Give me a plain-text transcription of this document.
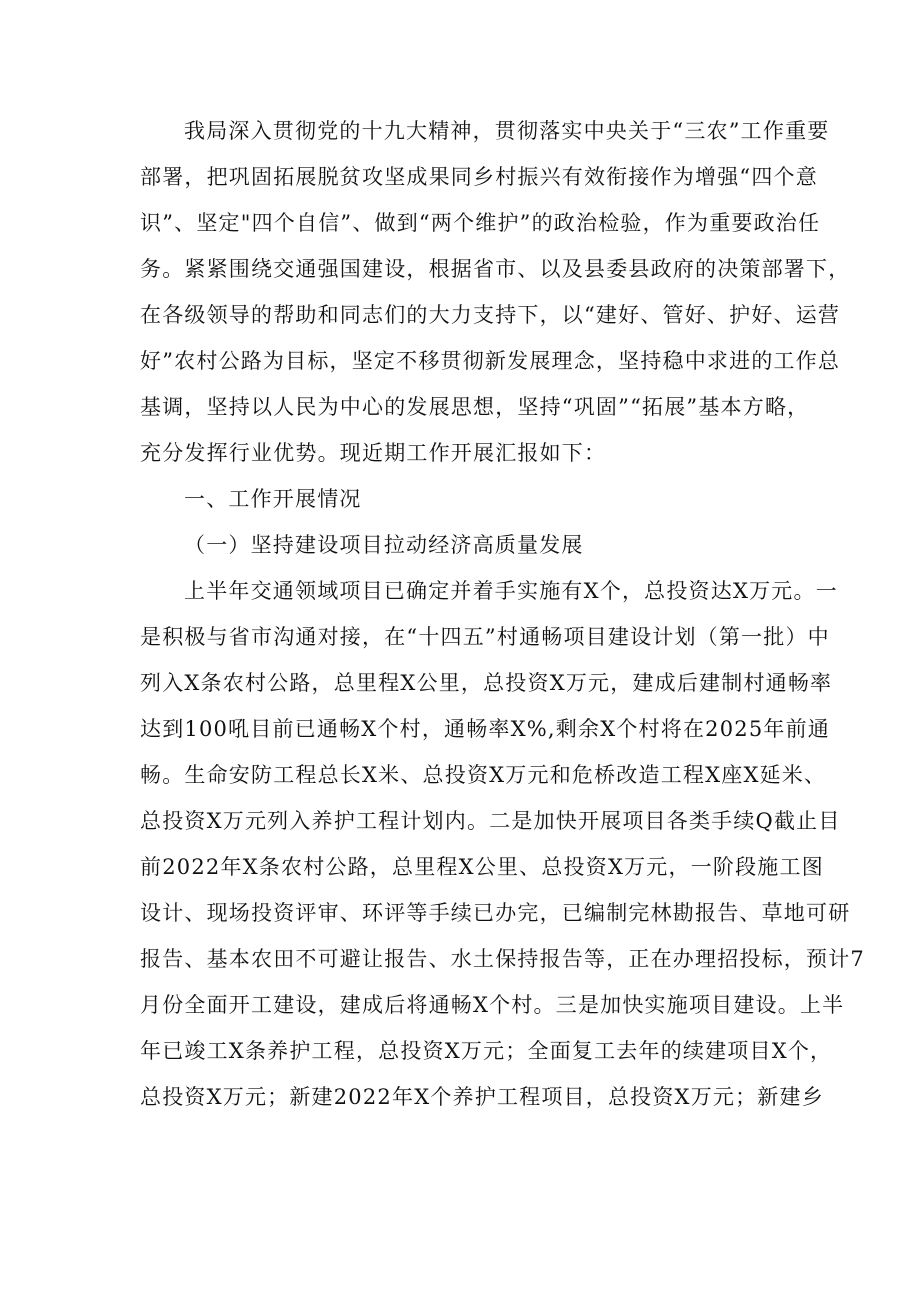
我局深入贯彻党的十九大精神，贯彻落实中央关于“三农”工作重要
部署，把巩固拓展脱贫攻坚成果同乡村振兴有效衔接作为增强“四个意
识”、坚定"四个自信”、做到“两个维护”的政治检验，作为重要政治任
务。紧紧围绕交通强国建设，根据省市、以及县委县政府的决策部署下，
在各级领导的帮助和同志们的大力支持下，以“建好、管好、护好、运营
好”农村公路为目标，坚定不移贯彻新发展理念，坚持稳中求进的工作总
基调，坚持以人民为中心的发展思想，坚持“巩固”“拓展”基本方略，
充分发挥行业优势。现近期工作开展汇报如下：
一、工作开展情况
（一）坚持建设项目拉动经济高质量发展
上半年交通领域项目已确定并着手实施有X个，总投资达X万元。一
是积极与省市沟通对接，在“十四五”村通畅项目建设计划（第一批）中
列入X条农村公路，总里程X公里，总投资X万元，建成后建制村通畅率
达到100吼目前已通畅X个村，通畅率X%,剩余X个村将在2025年前通
畅。生命安防工程总长X米、总投资X万元和危桥改造工程X座X延米、
总投资X万元列入养护工程计划内。二是加快开展项目各类手续Q截止目
前2022年X条农村公路，总里程X公里、总投资X万元，一阶段施工图
设计、现场投资评审、环评等手续已办完，已编制完林勘报告、草地可研
报告、基本农田不可避让报告、水土保持报告等，正在办理招投标，预计7
月份全面开工建设，建成后将通畅X个村。三是加快实施项目建设。上半
年已竣工X条养护工程，总投资X万元；全面复工去年的续建项目X个，
总投资X万元；新建2022年X个养护工程项目，总投资X万元；新建乡
